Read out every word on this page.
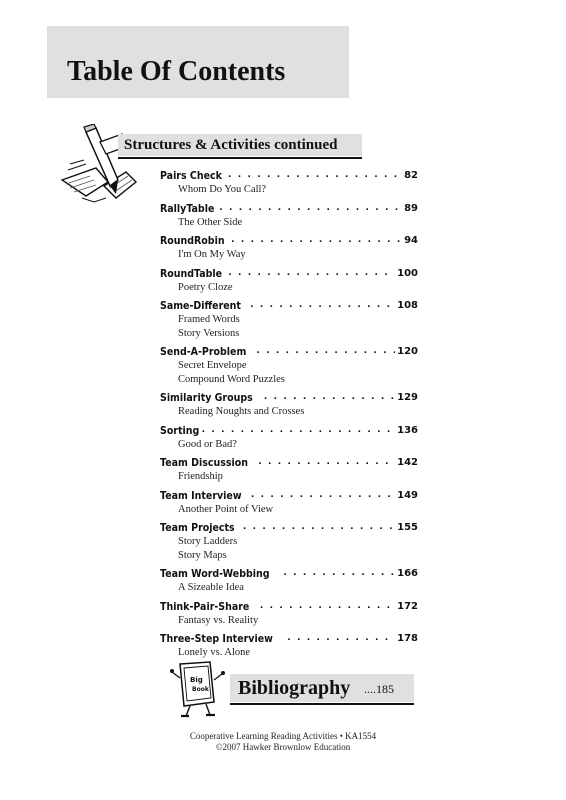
Table Of Contents
Structures & Activities continued
Pairs Check . . .	82
Whom Do You Call?
RallyTable . . .	89
The Other Side
RoundRobin . . .	94
I'm On My Way
RoundTable . . .	100
Poetry Cloze
Same-Different . . .	108
Framed Words
Story Versions
Send-A-Problem . . .	120
Secret Envelope
Compound Word Puzzles
Similarity Groups . . .	129
Reading Noughts and Crosses
Sorting . . .	136
Good or Bad?
Team Discussion . . .	142
Friendship
Team Interview . . .	149
Another Point of View
Team Projects . . .	155
Story Ladders
Story Maps
Team Word-Webbing . . .	166
A Sizeable Idea
Think-Pair-Share . . .	172
Fantasy vs. Reality
Three-Step Interview . . .	178
Lonely vs. Alone
Big
Book Bibliography ....185
Cooperative Learning Reading Activities • KA1554
©2007 Hawker Brownlow Education
